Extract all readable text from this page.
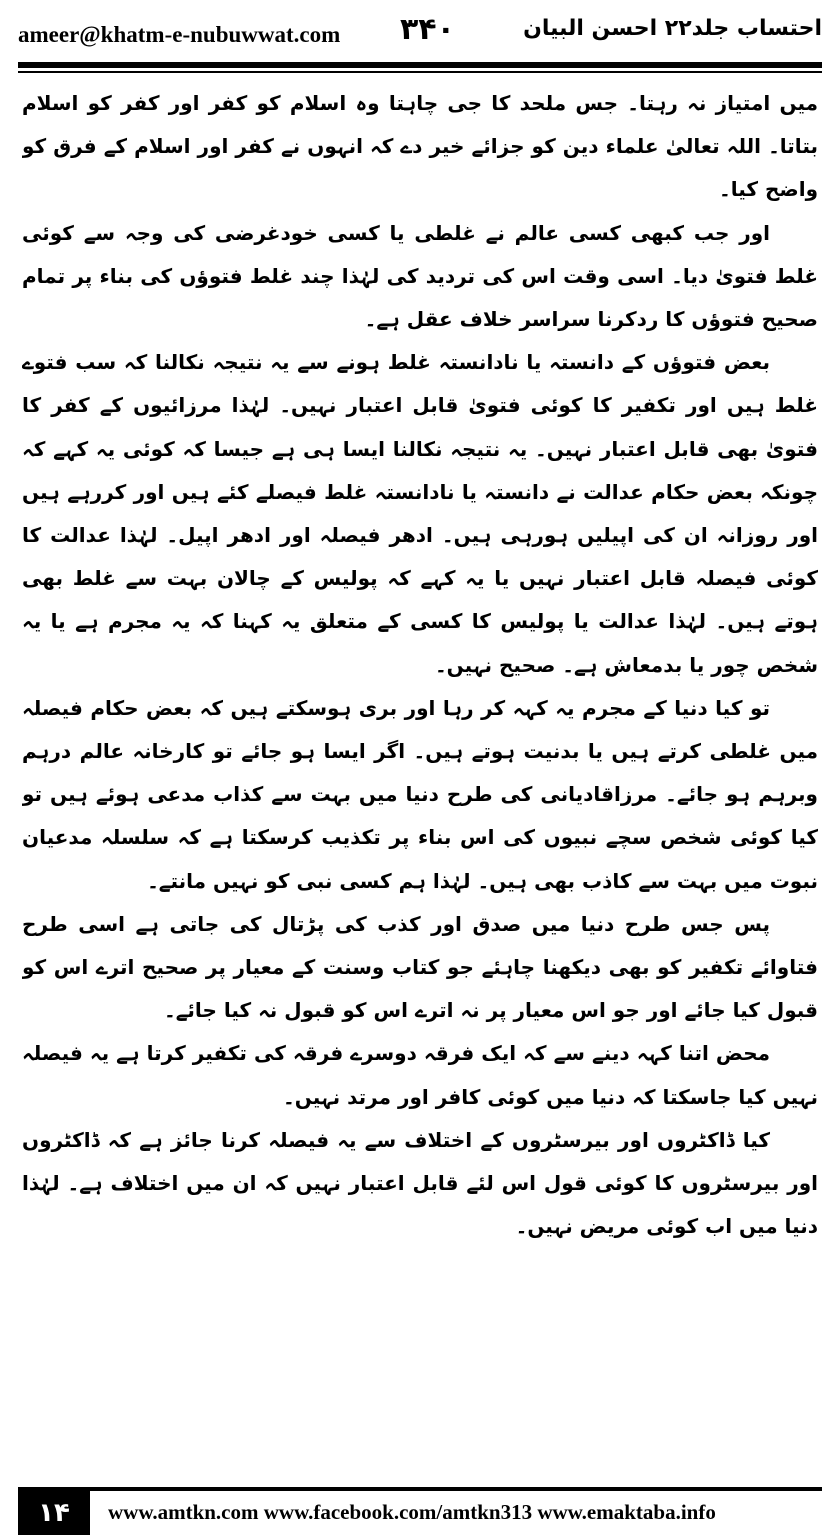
ameer@khatm-e-nubuwwat.com ۳۴۰	احتساب جلد۲۲ احسن البیان

میں امتیاز نہ رہتا۔ جس ملحد کا جی چاہتا وہ اسلام کو کفر اور کفر کو اسلام بتاتا۔ اللہ تعالیٰ علماء دین کو جزائے خیر دے کہ انہوں نے کفر اور اسلام کے فرق کو واضح کیا۔

اور جب کبھی کسی عالم نے غلطی یا کسی خودغرضی کی وجہ سے کوئی غلط فتویٰ دیا۔ اسی وقت اس کی تردید کی لہٰذا چند غلط فتوؤں کی بناء پر تمام صحیح فتوؤں کا ردکرنا سراسر خلاف عقل ہے۔

بعض فتوؤں کے دانستہ یا نادانستہ غلط ہونے سے یہ نتیجہ نکالنا کہ سب فتوے غلط ہیں اور تکفیر کا کوئی فتویٰ قابل اعتبار نہیں۔ لہٰذا مرزائیوں کے کفر کا فتویٰ بھی قابل اعتبار نہیں۔ یہ نتیجہ نکالنا ایسا ہی ہے جیسا کہ کوئی یہ کہے کہ چونکہ بعض حکام عدالت نے دانستہ یا نادانستہ غلط فیصلے کئے ہیں اور کررہے ہیں اور روزانہ ان کی اپیلیں ہورہی ہیں۔ ادھر فیصلہ اور ادھر اپیل۔ لہٰذا عدالت کا کوئی فیصلہ قابل اعتبار نہیں یا یہ کہے کہ پولیس کے چالان بہت سے غلط بھی ہوتے ہیں۔ لہٰذا عدالت یا پولیس کا کسی کے متعلق یہ کہنا کہ یہ مجرم ہے یا یہ شخص چور یا بدمعاش ہے۔ صحیح نہیں۔

تو کیا دنیا کے مجرم یہ کہہ کر رہا اور بری ہوسکتے ہیں کہ بعض حکام فیصلہ میں غلطی کرتے ہیں یا بدنیت ہوتے ہیں۔ اگر ایسا ہو جائے تو کارخانہ عالم درہم وبرہم ہو جائے۔ مرزاقادیانی کی طرح دنیا میں بہت سے کذاب مدعی ہوئے ہیں تو کیا کوئی شخص سچے نبیوں کی اس بناء پر تکذیب کرسکتا ہے کہ سلسلہ مدعیان نبوت میں بہت سے کاذب بھی ہیں۔ لہٰذا ہم کسی نبی کو نہیں مانتے۔

پس جس طرح دنیا میں صدق اور کذب کی پڑتال کی جاتی ہے اسی طرح فتاوائے تکفیر کو بھی دیکھنا چاہئے جو کتاب وسنت کے معیار پر صحیح اترے اس کو قبول کیا جائے اور جو اس معیار پر نہ اترے اس کو قبول نہ کیا جائے۔

محض اتنا کہہ دینے سے کہ ایک فرقہ دوسرے فرقہ کی تکفیر کرتا ہے یہ فیصلہ نہیں کیا جاسکتا کہ دنیا میں کوئی کافر اور مرتد نہیں۔

کیا ڈاکٹروں اور بیرسٹروں کے اختلاف سے یہ فیصلہ کرنا جائز ہے کہ ڈاکٹروں اور بیرسٹروں کا کوئی قول اس لئے قابل اعتبار نہیں کہ ان میں اختلاف ہے۔ لہٰذا دنیا میں اب کوئی مریض نہیں۔

۱۴	www.amtkn.com www.facebook.com/amtkn313 www.emaktaba.info
